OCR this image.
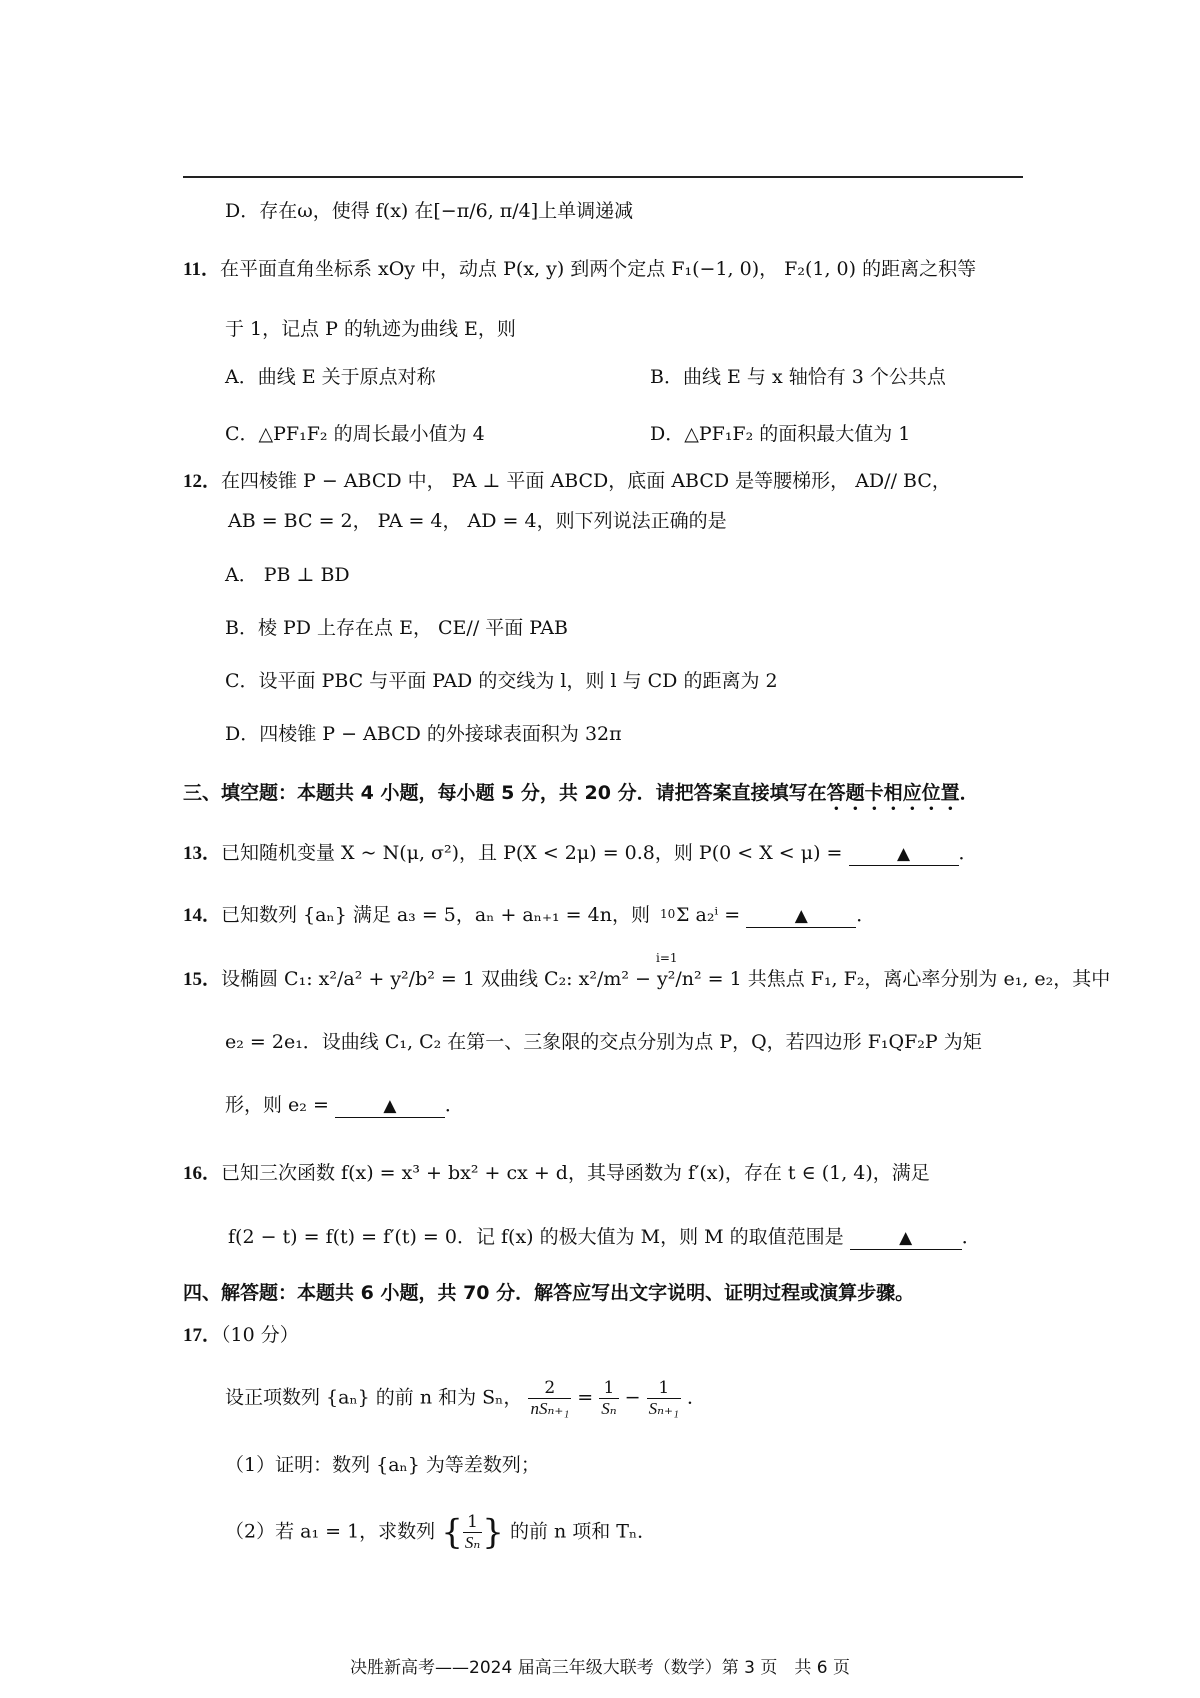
D．存在ω，使得 f(x) 在[−π/6, π/4]上单调递减
11．在平面直角坐标系 xOy 中，动点 P(x, y) 到两个定点 F₁(−1, 0)， F₂(1, 0) 的距离之积等
于 1，记点 P 的轨迹为曲线 E，则
A．曲线 E 关于原点对称	B．曲线 E 与 x 轴恰有 3 个公共点
C．△PF₁F₂ 的周长最小值为 4	D．△PF₁F₂ 的面积最大值为 1
12．在四棱锥 P − ABCD 中， PA ⊥ 平面 ABCD，底面 ABCD 是等腰梯形， AD// BC，
AB = BC = 2， PA = 4， AD = 4，则下列说法正确的是
A． PB ⊥ BD
B．棱 PD 上存在点 E， CE// 平面 PAB
C．设平面 PBC 与平面 PAD 的交线为 l，则 l 与 CD 的距离为 2
D．四棱锥 P − ABCD 的外接球表面积为 32π
三、填空题：本题共 4 小题，每小题 5 分，共 20 分．请把答案直接填写在答题卡相应位置．
13．已知随机变量 X ~ N(μ, σ²)，且 P(X < 2μ) = 0.8，则 P(0 < X < μ) =	▲	．
14．已知数列 {aₙ} 满足 a₃ = 5，aₙ + aₙ₊₁ = 4n，则 10
i=1
Σ a₂ⁱ =	▲	．
15．设椭圆 C₁: x²/a² + y²/b² = 1 双曲线 C₂: x²/m² − y²/n² = 1 共焦点 F₁, F₂，离心率分别为 e₁, e₂，其中
e₂ = 2e₁．设曲线 C₁, C₂ 在第一、三象限的交点分别为点 P，Q，若四边形 F₁QF₂P 为矩
形，则 e₂ =	▲	．
16．已知三次函数 f(x) = x³ + bx² + cx + d，其导函数为 f′(x)，存在 t ∈ (1, 4)，满足
f(2 − t) = f(t) = f′(t) = 0．记 f(x) 的极大值为 M，则 M 的取值范围是	▲	．
四、解答题：本题共 6 小题，共 70 分．解答应写出文字说明、证明过程或演算步骤。
17．（10 分）
设正项数列 {aₙ} 的前 n 和为 Sₙ， $\frac{2}{\text{nSₙ₊₁}} = \frac{1}{\text{Sₙ}} - \frac{1}{\text{Sₙ₊₁}}$ ．
（1）证明：数列 {aₙ} 为等差数列；
（2）若 a₁ = 1，求数列 { $\frac{1}{\text{Sₙ}}$ } 的前 n 项和 Tₙ．
决胜新高考——2024 届高三年级大联考（数学）第 3 页　共 6 页
